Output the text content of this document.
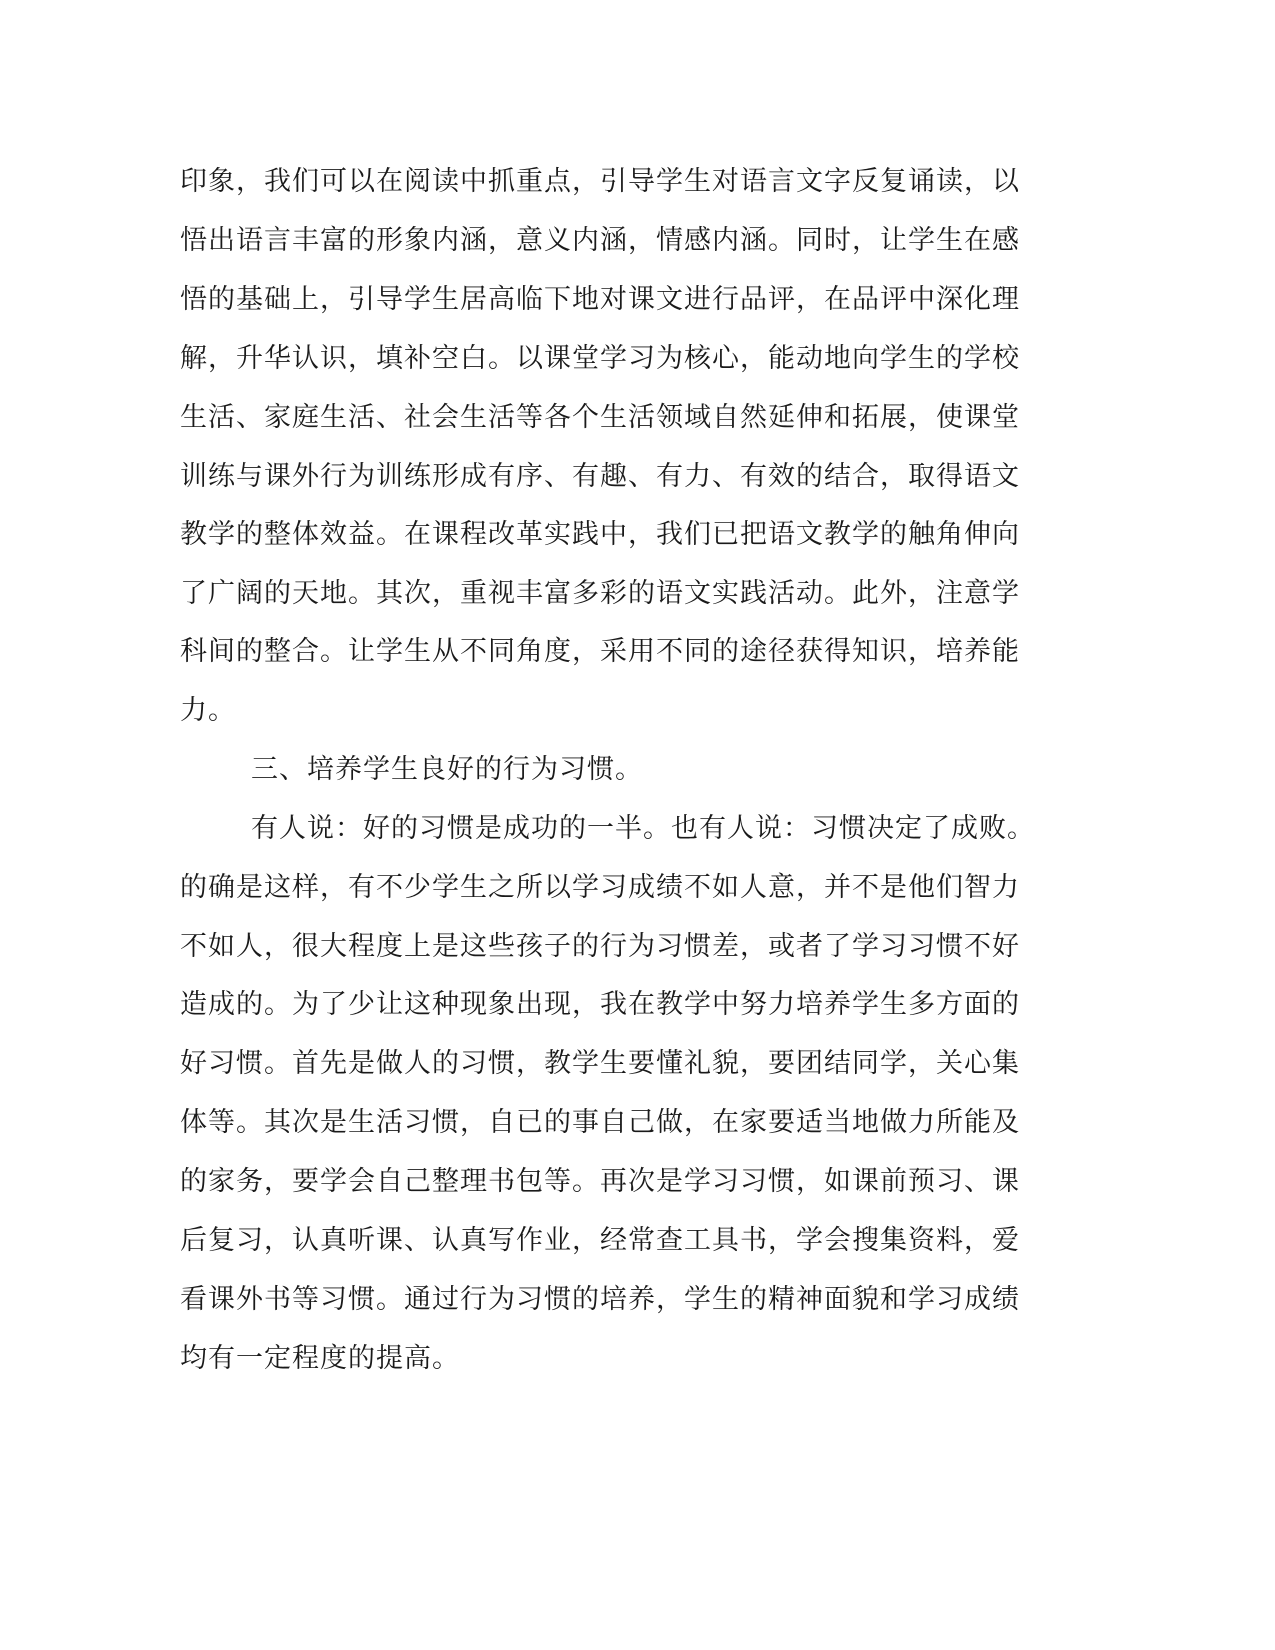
印象，我们可以在阅读中抓重点，引导学生对语言文字反复诵读，以
悟出语言丰富的形象内涵，意义内涵，情感内涵。同时，让学生在感
悟的基础上，引导学生居高临下地对课文进行品评，在品评中深化理
解，升华认识，填补空白。以课堂学习为核心，能动地向学生的学校
生活、家庭生活、社会生活等各个生活领域自然延伸和拓展，使课堂
训练与课外行为训练形成有序、有趣、有力、有效的结合，取得语文
教学的整体效益。在课程改革实践中，我们已把语文教学的触角伸向
了广阔的天地。其次，重视丰富多彩的语文实践活动。此外，注意学
科间的整合。让学生从不同角度，采用不同的途径获得知识，培养能
力。
三、培养学生良好的行为习惯。
有人说：好的习惯是成功的一半。也有人说：习惯决定了成败。
的确是这样，有不少学生之所以学习成绩不如人意，并不是他们智力
不如人，很大程度上是这些孩子的行为习惯差，或者了学习习惯不好
造成的。为了少让这种现象出现，我在教学中努力培养学生多方面的
好习惯。首先是做人的习惯，教学生要懂礼貌，要团结同学，关心集
体等。其次是生活习惯，自已的事自己做，在家要适当地做力所能及
的家务，要学会自己整理书包等。再次是学习习惯，如课前预习、课
后复习，认真听课、认真写作业，经常查工具书，学会搜集资料，爱
看课外书等习惯。通过行为习惯的培养，学生的精神面貌和学习成绩
均有一定程度的提高。
